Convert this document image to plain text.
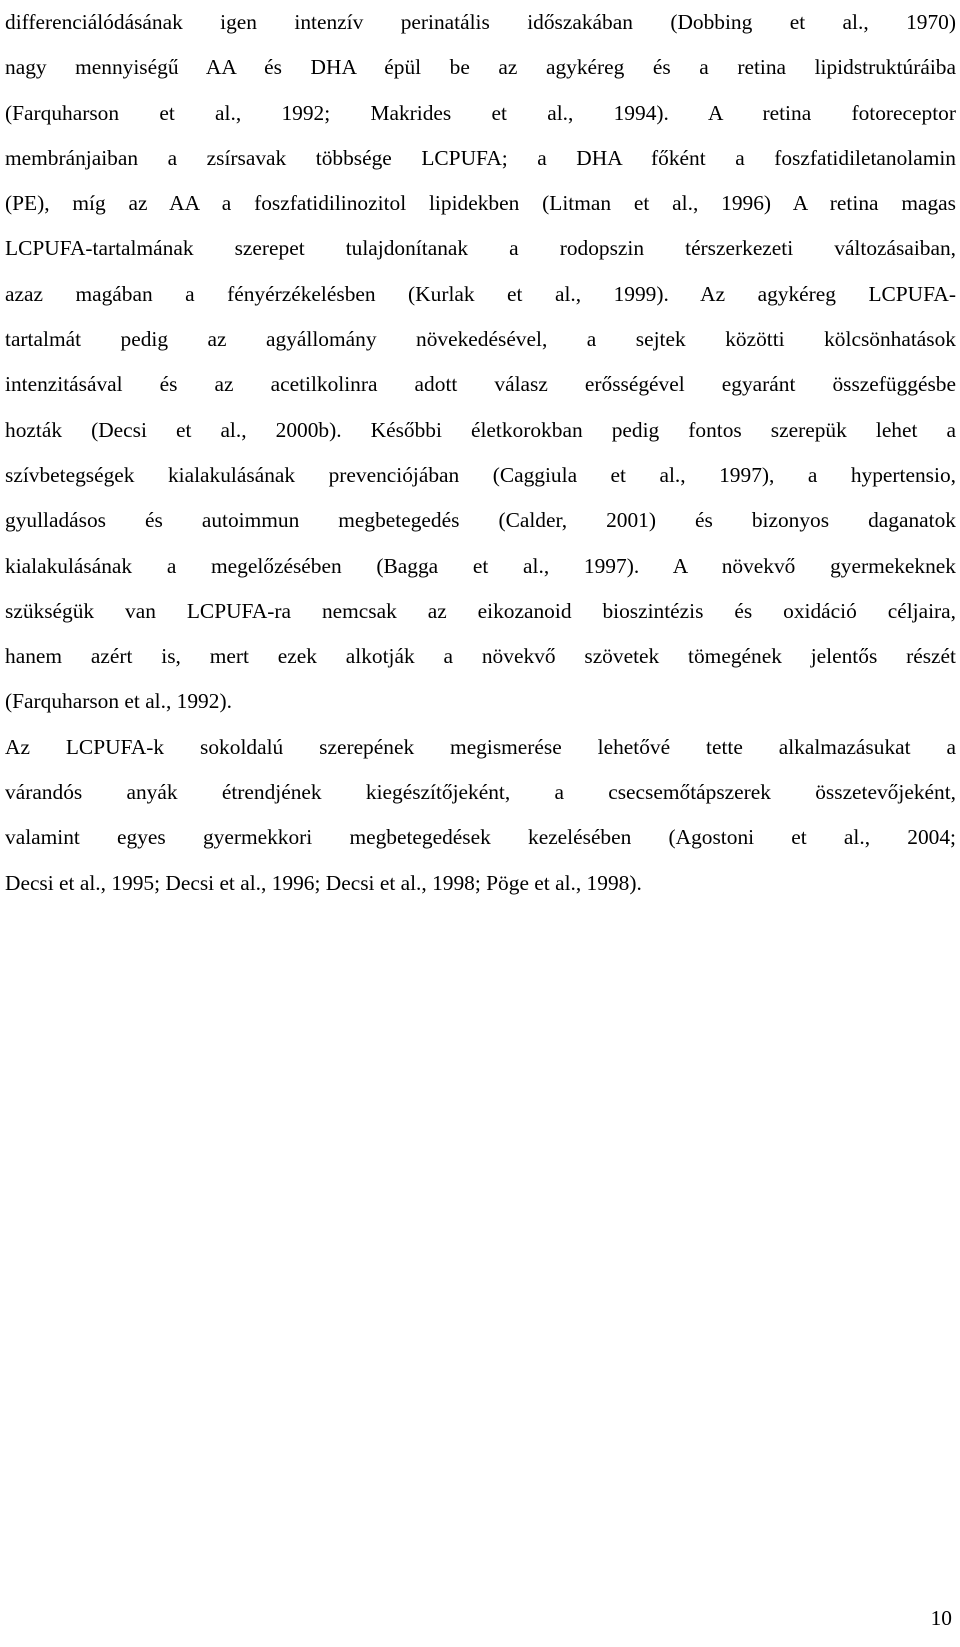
differenciálódásának igen intenzív perinatális időszakában (Dobbing et al., 1970)
nagy mennyiségű AA és DHA épül be az agykéreg és a retina lipidstruktúráiba
(Farquharson et al., 1992; Makrides et al., 1994). A retina fotoreceptor
membránjaiban a zsírsavak többsége LCPUFA; a DHA főként a foszfatidiletanolamin
(PE), míg az AA a foszfatidilinozitol lipidekben (Litman et al., 1996) A retina magas
LCPUFA-tartalmának szerepet tulajdonítanak a rodopszin térszerkezeti változásaiban,
azaz magában a fényérzékelésben (Kurlak et al., 1999). Az agykéreg LCPUFA-
tartalmát pedig az agyállomány növekedésével, a sejtek közötti kölcsönhatások
intenzitásával és az acetilkolinra adott válasz erősségével egyaránt összefüggésbe
hozták (Decsi et al., 2000b). Későbbi életkorokban pedig fontos szerepük lehet a
szívbetegségek kialakulásának prevenciójában (Caggiula et al., 1997), a hypertensio,
gyulladásos és autoimmun megbetegedés (Calder, 2001) és bizonyos daganatok
kialakulásának a megelőzésében (Bagga et al., 1997). A növekvő gyermekeknek
szükségük van LCPUFA-ra nemcsak az eikozanoid bioszintézis és oxidáció céljaira,
hanem azért is, mert ezek alkotják a növekvő szövetek tömegének jelentős részét
(Farquharson et al., 1992).
Az LCPUFA-k sokoldalú szerepének megismerése lehetővé tette alkalmazásukat a
várandós anyák étrendjének kiegészítőjeként, a csecsemőtápszerek összetevőjeként,
valamint egyes gyermekkori megbetegedések kezelésében (Agostoni et al., 2004;
Decsi et al., 1995; Decsi et al., 1996; Decsi et al., 1998; Pöge et al., 1998).
10
